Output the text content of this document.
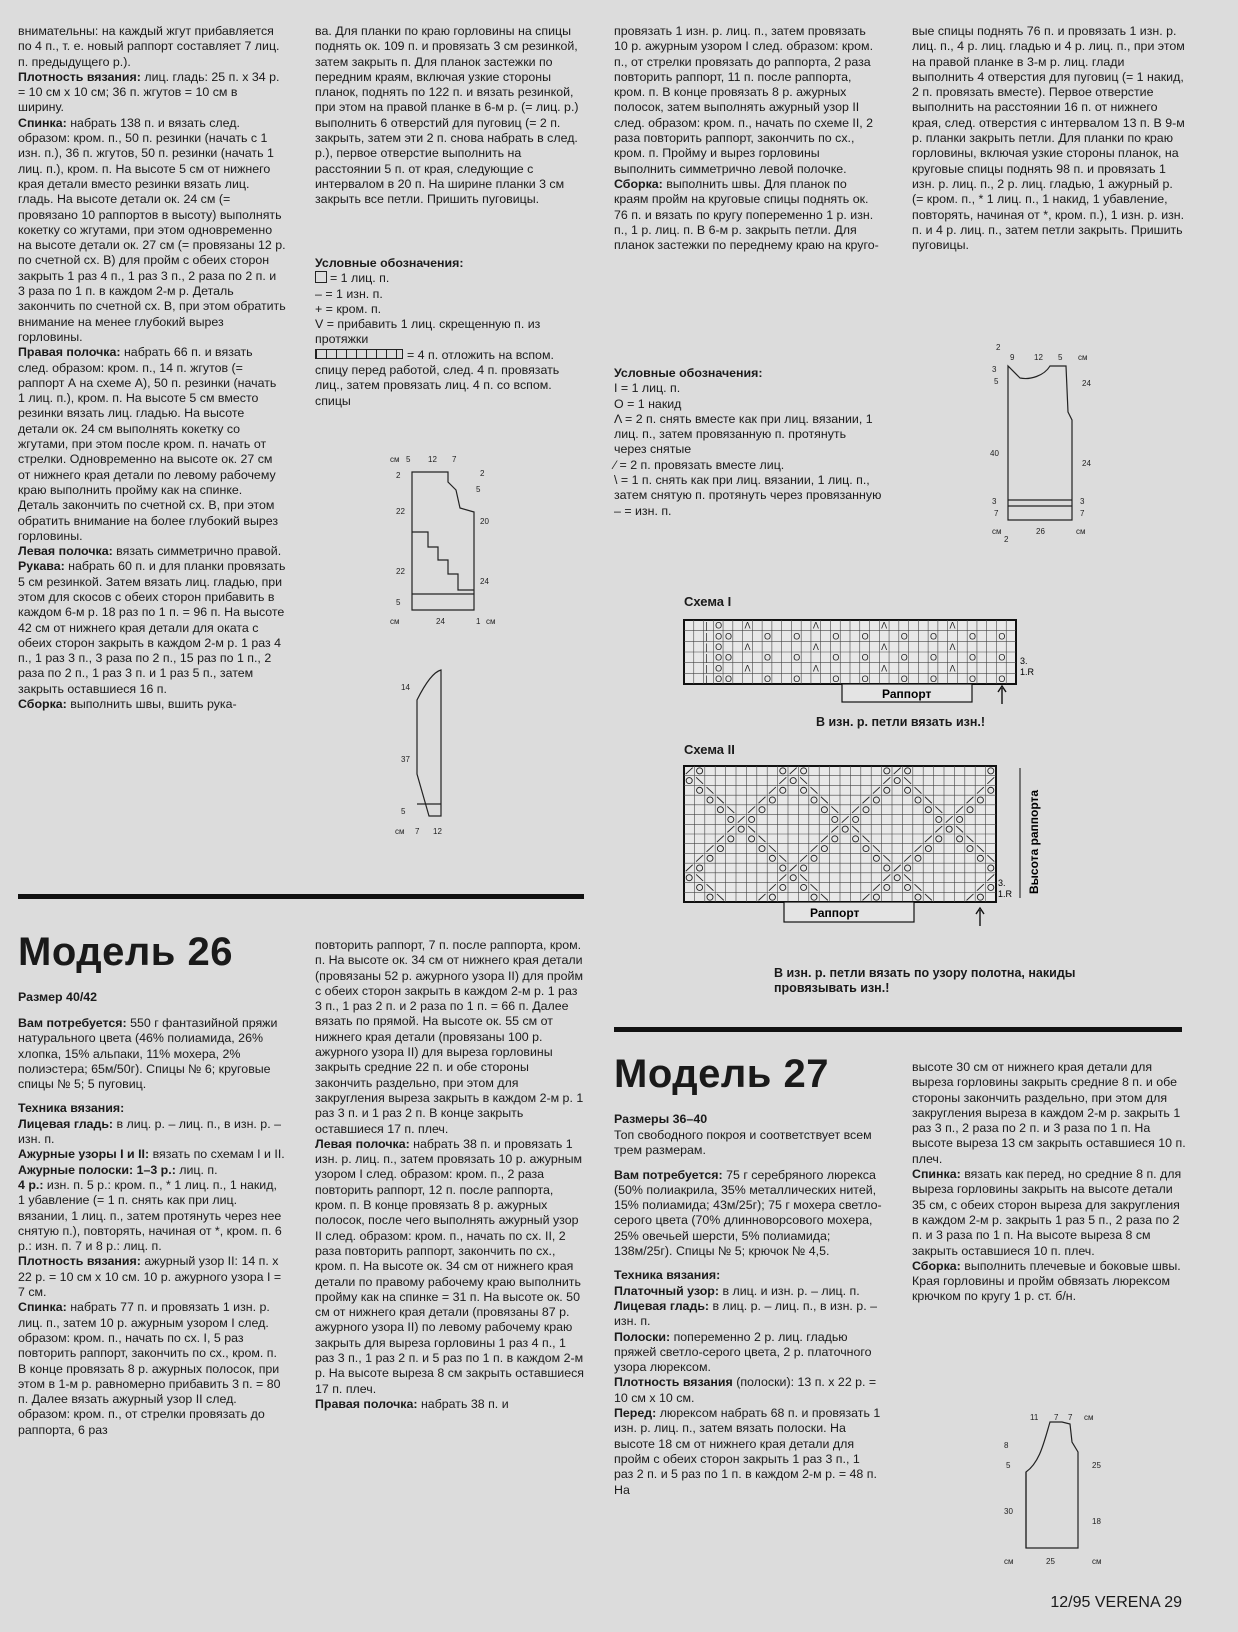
внимательны: на каждый жгут прибавляется по 4 п., т. е. новый раппорт составляет 7 лиц. п. предыдущего р.).

Плотность вязания: лиц. гладь: 25 п. х 34 р. = 10 см х 10 см; 36 п. жгутов = 10 см в ширину.

Спинка: набрать 138 п. и вязать след. образом: кром. п., 50 п. резинки (начать с 1 изн. п.), 36 п. жгутов, 50 п. резинки (начать 1 лиц. п.), кром. п. На высоте 5 см от нижнего края детали вместо резинки вязать лиц. гладь. На высоте детали ок. 24 см (= провязано 10 раппортов в высоту) выполнять кокетку со жгутами, при этом одновременно на высоте детали ок. 27 см (= провязаны 12 р. по счетной сх. B) для пройм с обеих сторон закрыть 1 раз 4 п., 1 раз 3 п., 2 раза по 2 п. и 3 раза по 1 п. в каждом 2-м р. Деталь закончить по счетной сх. В, при этом обратить внимание на менее глубокий вырез горловины.

Правая полочка: набрать 66 п. и вязать след. образом: кром. п., 14 п. жгутов (= раппорт А на схеме А), 50 п. резинки (начать 1 лиц. п.), кром. п. На высоте 5 см вместо резинки вязать лиц. гладью. На высоте детали ок. 24 см выполнять кокетку со жгутами, при этом после кром. п. начать от стрелки. Одновременно на высоте ок. 27 см от нижнего края детали по левому рабочему краю выполнить пройму как на спинке. Деталь закончить по счетной сх. В, при этом обратить внимание на более глубокий вырез горловины.

Левая полочка: вязать симметрично правой.

Рукава: набрать 60 п. и для планки провязать 5 см резинкой. Затем вязать лиц. гладью, при этом для скосов с обеих сторон прибавить в каждом 6-м р. 18 раз по 1 п. = 96 п. На высоте 42 см от нижнего края детали для оката с обеих сторон закрыть в каждом 2-м р. 1 раз 4 п., 1 раз 3 п., 3 раза по 2 п., 15 раз по 1 п., 2 раза по 2 п., 1 раз 3 п. и 1 раз 5 п., затем закрыть оставшиеся 16 п.

Сборка: выполнить швы, вшить рука-

ва. Для планки по краю горловины на спицы поднять ок. 109 п. и провязать 3 см резинкой, затем закрыть п. Для планок застежки по передним краям, включая узкие стороны планок, поднять по 122 п. и вязать резинкой, при этом на правой планке в 6-м р. (= лиц. р.) выполнить 6 отверстий для пуговиц (= 2 п. закрыть, затем эти 2 п. снова набрать в след. р.), первое отверстие выполнить на расстоянии 5 п. от края, следующие с интервалом в 20 п. На ширине планки 3 см закрыть все петли. Пришить пуговицы.

Условные обозначения:

= 1 лиц. п.

– = 1 изн. п.

+ = кром. п.

V = прибавить 1 лиц. скрещенную п. из протяжки

= 4 п. отложить на вспом. спицу перед работой, след. 4 п. провязать лиц., затем провязать лиц. 4 п. со вспом. спицы

провязать 1 изн. р. лиц. п., затем провязать 10 р. ажурным узором I след. образом: кром. п., от стрелки провязать до раппорта, 2 раза повторить раппорт, 11 п. после раппорта, кром. п. В конце провязать 8 р. ажурных полосок, затем выполнять ажурный узор II след. образом: кром. п., начать по схеме II, 2 раза повторить раппорт, закончить по сх., кром. п. Пройму и вырез горловины выполнить симметрично левой полочке.

Сборка: выполнить швы. Для планок по краям пройм на круговые спицы поднять ок. 76 п. и вязать по кругу попеременно 1 р. изн. п., 1 р. лиц. п. В 6-м р. закрыть петли. Для планок застежки по переднему краю на круго-

Условные обозначения:

I = 1 лиц. п.

O = 1 накид

Λ = 2 п. снять вместе как при лиц. вязании, 1 лиц. п., затем провязанную п. протянуть через снятые

⁄ = 2 п. провязать вместе лиц.

\ = 1 п. снять как при лиц. вязании, 1 лиц. п., затем снятую п. протянуть через провязанную

– = изн. п.

вые спицы поднять 76 п. и провязать 1 изн. р. лиц. п., 4 р. лиц. гладью и 4 р. лиц. п., при этом на правой планке в 3-м р. лиц. глади выполнить 4 отверстия для пуговиц (= 1 накид, 2 п. провязать вместе). Первое отверстие выполнить на расстоянии 16 п. от нижнего края, след. отверстия с интервалом 13 п. В 9-м р. планки закрыть петли. Для планки по краю горловины, включая узкие стороны планок, на круговые спицы поднять 98 п. и провязать 1 изн. р. лиц. п., 2 р. лиц. гладью, 1 ажурный р. (= кром. п., * 1 лиц. п., 1 накид, 1 убавление, повторять, начиная от *, кром. п.), 1 изн. р. изн. п. и 4 р. лиц. п., затем петли закрыть. Пришить пуговицы.

см 5 12 7
2
22
22
5
2
5
20
24
1
см	24	см
14
37
5
см 7 12
2
9 12 5 см
3
5
40
3
7
24
24
3
7
см
2
26	см
Схема I
| O Λ	Λ	Λ	Λ
| O O	O O	O O	O O	O O
| O Λ	Λ	Λ	Λ
| O O	O O	O O	O O	O O
| O Λ	Λ	Λ	Λ
| O O	O O	O O	O O	O O
Раппорт
3.
1.R
В изн. р. петли вязать изн.!
Схема II
Раппорт
3.
1.R Высота раппорта
В изн. р. петли вязать по узору полотна, накиды провязывать изн.!
Модель 26
Размер 40/42

Вам потребуется: 550 г фантазийной пряжи натурального цвета (46% полиамида, 26% хлопка, 15% альпаки, 11% мохера, 2% полиэстера; 65м/50г). Спицы № 6; круговые спицы № 5; 5 пуговиц.

Техника вязания:

Лицевая гладь: в лиц. р. – лиц. п., в изн. р. – изн. п.

Ажурные узоры I и II: вязать по схемам I и II.

Ажурные полоски: 1–3 р.: лиц. п.

4 р.: изн. п. 5 р.: кром. п., * 1 лиц. п., 1 накид, 1 убавление (= 1 п. снять как при лиц. вязании, 1 лиц. п., затем протянуть через нее снятую п.), повторять, начиная от *, кром. п. 6 р.: изн. п. 7 и 8 р.: лиц. п.

Плотность вязания: ажурный узор II: 14 п. х 22 р. = 10 см х 10 см. 10 р. ажурного узора I = 7 см.

Спинка: набрать 77 п. и провязать 1 изн. р. лиц. п., затем 10 р. ажурным узором I след. образом: кром. п., начать по сх. I, 5 раз повторить раппорт, закончить по сх., кром. п. В конце провязать 8 р. ажурных полосок, при этом в 1-м р. равномерно прибавить 3 п. = 80 п. Далее вязать ажурный узор II след. образом: кром. п., от стрелки провязать до раппорта, 6 раз

повторить раппорт, 7 п. после раппорта, кром. п. На высоте ок. 34 см от нижнего края детали (провязаны 52 р. ажурного узора II) для пройм с обеих сторон закрыть в каждом 2-м р. 1 раз 3 п., 1 раз 2 п. и 2 раза по 1 п. = 66 п. Далее вязать по прямой. На высоте ок. 55 см от нижнего края детали (провязаны 100 р. ажурного узора II) для выреза горловины закрыть средние 22 п. и обе стороны закончить раздельно, при этом для закругления выреза закрыть в каждом 2-м р. 1 раз 3 п. и 1 раз 2 п. В конце закрыть оставшиеся 17 п. плеч.

Левая полочка: набрать 38 п. и провязать 1 изн. р. лиц. п., затем провязать 10 р. ажурным узором I след. образом: кром. п., 2 раза повторить раппорт, 12 п. после раппорта, кром. п. В конце провязать 8 р. ажурных полосок, после чего выполнять ажурный узор II след. образом: кром. п., начать по сх. II, 2 раза повторить раппорт, закончить по сх., кром. п. На высоте ок. 34 см от нижнего края детали по правому рабочему краю выполнить пройму как на спинке = 31 п. На высоте ок. 50 см от нижнего края детали (провязаны 87 р. ажурного узора II) по левому рабочему краю закрыть для выреза горловины 1 раз 4 п., 1 раз 3 п., 1 раз 2 п. и 5 раз по 1 п. в каждом 2-м р. На высоте выреза 8 см закрыть оставшиеся 17 п. плеч.

Правая полочка: набрать 38 п. и

Модель 27
Размеры 36–40

Топ свободного покроя и соответствует всем трем размерам.

Вам потребуется: 75 г серебряного люрекса (50% полиакрила, 35% металлических нитей, 15% полиамида; 43м/25г); 75 г мохера светло-серого цвета (70% длинноворсового мохера, 25% овечьей шерсти, 5% полиамида; 138м/25г). Спицы № 5; крючок № 4,5.

Техника вязания:

Платочный узор: в лиц. и изн. р. – лиц. п.

Лицевая гладь: в лиц. р. – лиц. п., в изн. р. – изн. п.

Полоски: попеременно 2 р. лиц. гладью пряжей светло-серого цвета, 2 р. платочного узора люрексом.

Плотность вязания (полоски): 13 п. х 22 р. = 10 см х 10 см.

Перед: люрексом набрать 68 п. и провязать 1 изн. р. лиц. п., затем вязать полоски. На высоте 18 см от нижнего края детали для пройм с обеих сторон закрыть 1 раз 3 п., 1 раз 2 п. и 5 раз по 1 п. в каждом 2-м р. = 48 п. На

высоте 30 см от нижнего края детали для выреза горловины закрыть средние 8 п. и обе стороны закончить раздельно, при этом для закругления выреза в каждом 2-м р. закрыть 1 раз 3 п., 2 раза по 2 п. и 3 раза по 1 п. На высоте выреза 13 см закрыть оставшиеся 10 п. плеч.

Спинка: вязать как перед, но средние 8 п. для выреза горловины закрыть на высоте детали 35 см, с обеих сторон выреза для закругления в каждом 2-м р. закрыть 1 раз 5 п., 2 раза по 2 п. и 3 раза по 1 п. На высоте выреза 8 см закрыть оставшиеся 10 п. плеч.

Сборка: выполнить плечевые и боковые швы. Края горловины и пройм обвязать люрексом крючком по кругу 1 р. ст. б/н.

11 7 7 см
8
5
30
25
18
см	25	см
12/95 VERENA 29
